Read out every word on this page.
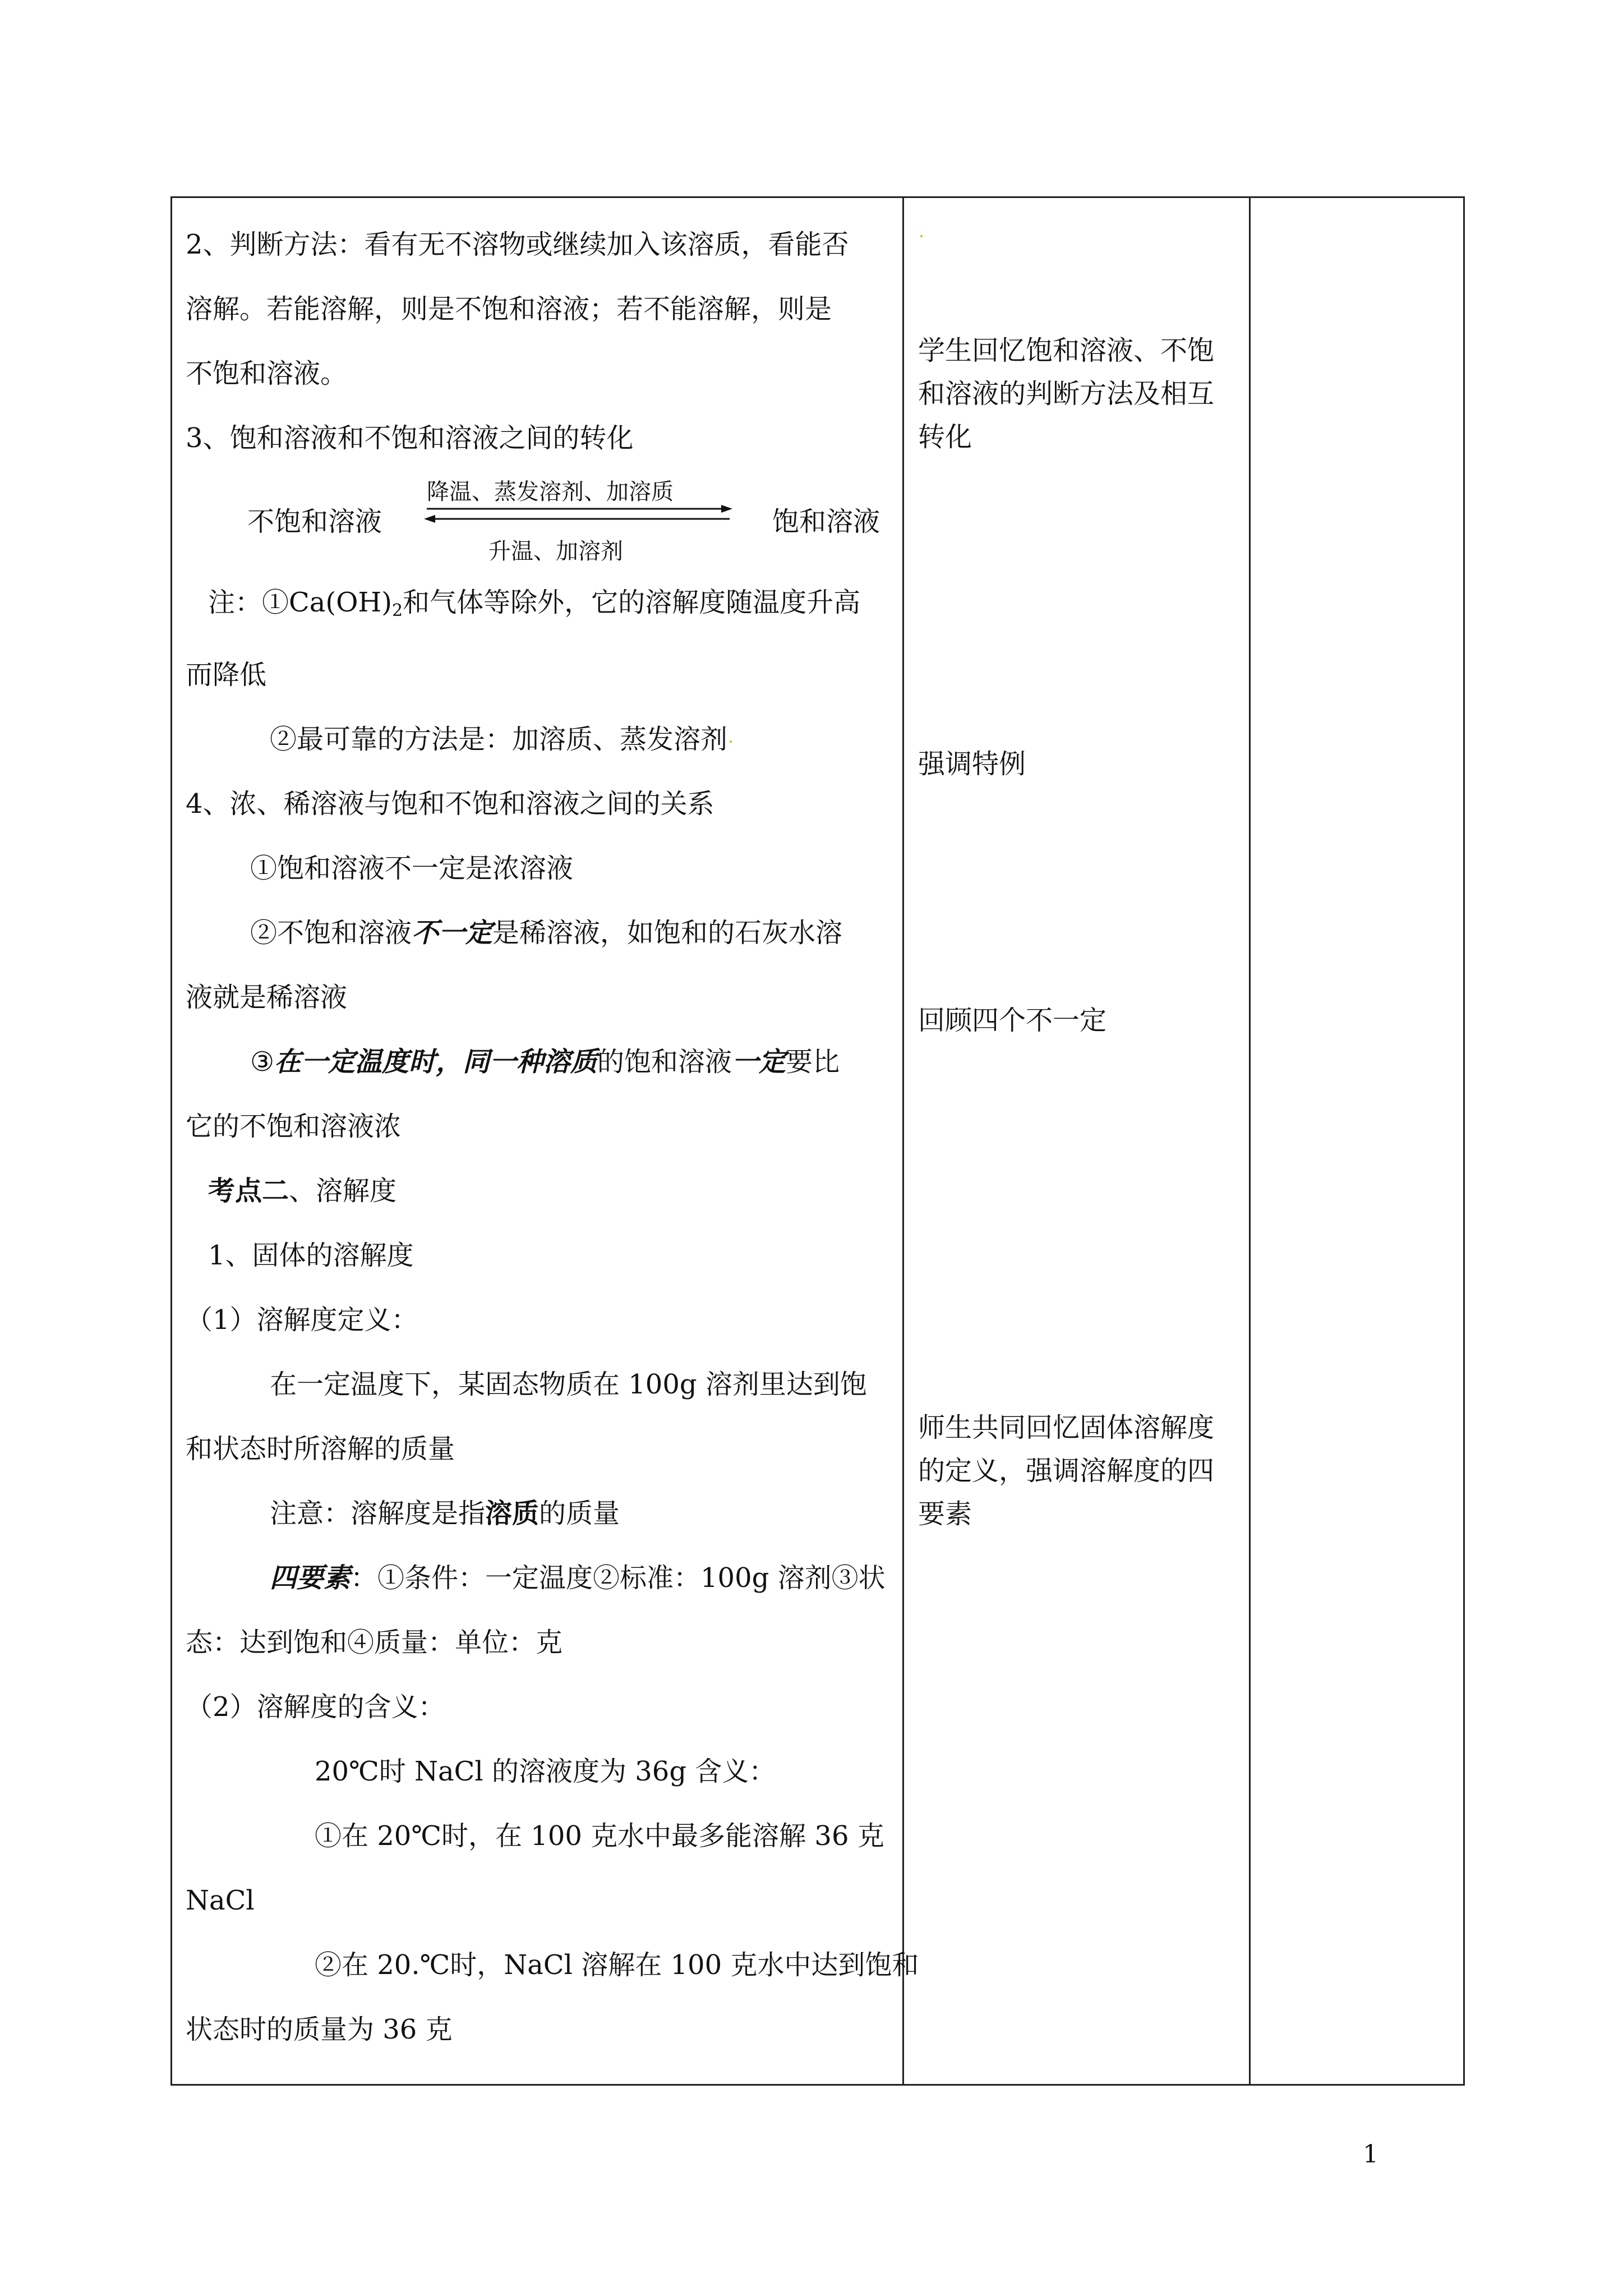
2、判断方法：看有无不溶物或继续加入该溶质，看能否
溶解。若能溶解，则是不饱和溶液；若不能溶解，则是
不饱和溶液。
3、饱和溶液和不饱和溶液之间的转化
不饱和溶液
降温、蒸发溶剂、加溶质
饱和溶液
升温、加溶剂
注：$①Ca(OH)_2$和气体等除外，它的溶解度随温度升高
而降低
②最可靠的方法是：加溶质、蒸发溶剂
4、浓、稀溶液与饱和不饱和溶液之间的关系
①饱和溶液不一定是浓溶液
②不饱和溶液不一定是稀溶液，如饱和的石灰水溶
液就是稀溶液
③在一定温度时，同一种溶质的饱和溶液一定要比
它的不饱和溶液浓
考点二、溶解度
1、固体的溶解度
（1）溶解度定义：
在一定温度下，某固态物质在 100g 溶剂里达到饱
和状态时所溶解的质量
注意：溶解度是指溶质的质量
四要素：①条件：一定温度②标准：100g 溶剂③状
态：达到饱和④质量：单位：克
（2）溶解度的含义：
20℃时 NaCl 的溶液度为 36g 含义：
①在 20℃时，在 100 克水中最多能溶解 36 克
NaCl
②在 20.℃时，NaCl 溶解在 100 克水中达到饱和
状态时的质量为 36 克
学生回忆饱和溶液、不饱和溶液的判断方法及相互转化
强调特例
回顾四个不一定
师生共同回忆固体溶解度的定义，强调溶解度的四要素
1
